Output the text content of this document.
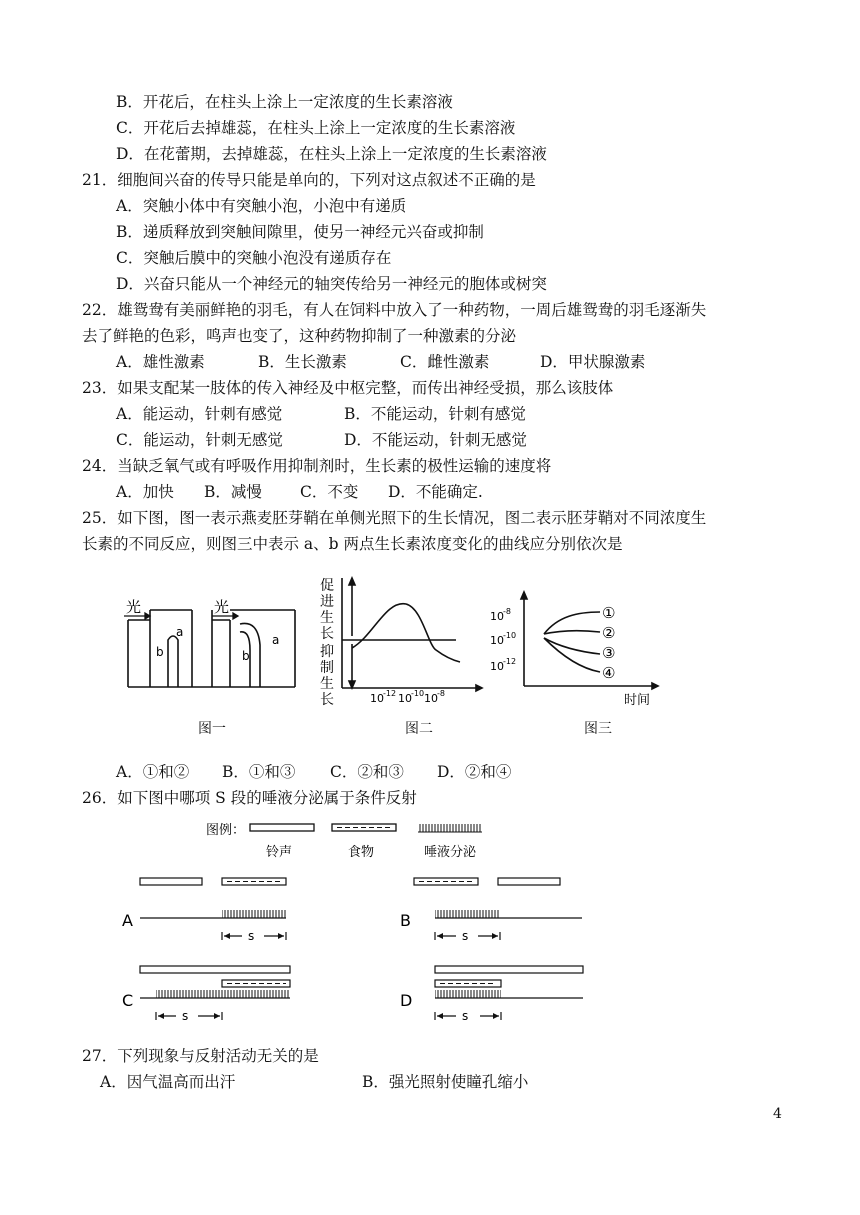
B．开花后，在柱头上涂上一定浓度的生长素溶液
C．开花后去掉雄蕊，在柱头上涂上一定浓度的生长素溶液
D．在花蕾期，去掉雄蕊，在柱头上涂上一定浓度的生长素溶液
21．细胞间兴奋的传导只能是单向的，下列对这点叙述不正确的是
A．突触小体中有突触小泡，小泡中有递质
B．递质释放到突触间隙里，使另一神经元兴奋或抑制
C．突触后膜中的突触小泡没有递质存在
D．兴奋只能从一个神经元的轴突传给另一神经元的胞体或树突
22．雄鸳鸯有美丽鲜艳的羽毛，有人在饲料中放入了一种药物，一周后雄鸳鸯的羽毛逐渐失
去了鲜艳的色彩，鸣声也变了，这种药物抑制了一种激素的分泌
A．雄性激素	B．生长激素	C．雌性激素	D．甲状腺激素
23．如果支配某一肢体的传入神经及中枢完整，而传出神经受损，那么该肢体
A．能运动，针刺有感觉	B．不能运动，针刺有感觉
C．能运动，针刺无感觉	D．不能运动，针刺无感觉
24．当缺乏氧气或有呼吸作用抑制剂时，生长素的极性运输的速度将
A．加快 B．减慢 C．不变 D．不能确定.
25．如下图，图一表示燕麦胚芽鞘在单侧光照下的生长情况，图二表示胚芽鞘对不同浓度生
长素的不同反应，则图三中表示 a、b 两点生长素浓度变化的曲线应分别依次是
光	光
a
b
a
b
图一
促
进
生
长
抑
制
生
长	10 -12 10 -10 10 -8
图二
10 -8
10 -10
10 -12
①
②
③
④
时间
图三
A．①和② B．①和③ C．②和③ D．②和④
26．如下图中哪项 S 段的唾液分泌属于条件反射
图例：
铃声	食物	唾液分泌
A	B
C	D
s	s
s	s
27．下列现象与反射活动无关的是
A．因气温高而出汗	B．强光照射使瞳孔缩小
4
